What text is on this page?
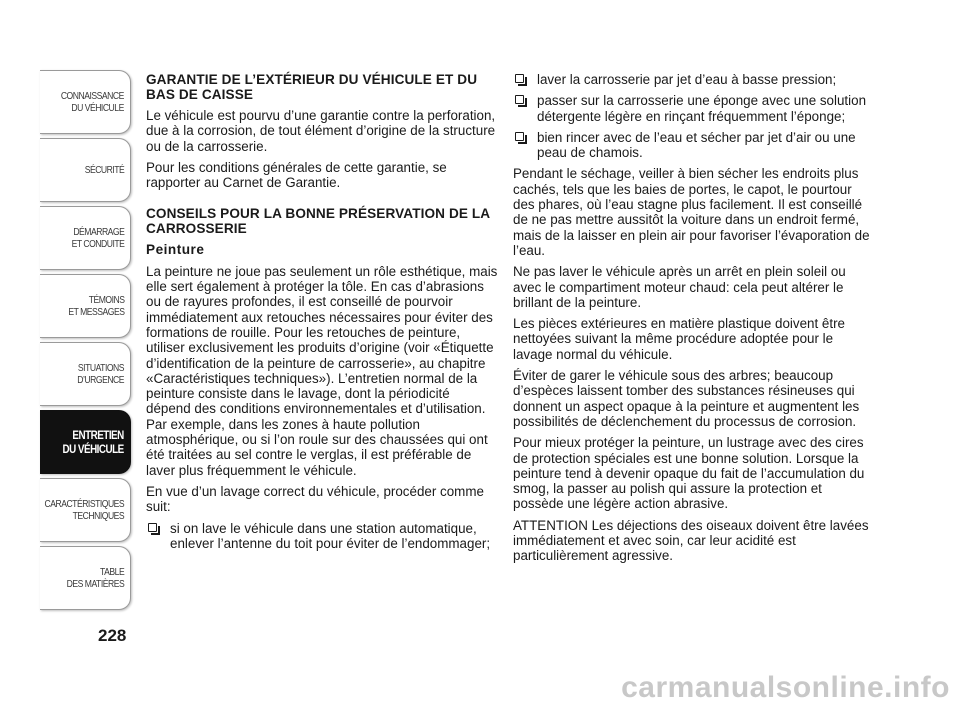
CONNAISSANCE
DU VÉHICULE
SÉCURITÉ
DÉMARRAGE
ET CONDUITE
TÉMOINS
ET MESSAGES
SITUATIONS
D’URGENCE
ENTRETIEN
DU VÉHICULE
CARACTÉRISTIQUES
TECHNIQUES
TABLE
DES MATIÈRES
228
GARANTIE DE L’EXTÉRIEUR DU VÉHICULE ET DU BAS DE CAISSE

Le véhicule est pourvu d’une garantie contre la perforation, due à la corrosion, de tout élément d’origine de la structure ou de la carrosserie.

Pour les conditions générales de cette garantie, se rapporter au Carnet de Garantie.

CONSEILS POUR LA BONNE PRÉSERVATION DE LA CARROSSERIE
Peinture

La peinture ne joue pas seulement un rôle esthétique, mais elle sert également à protéger la tôle. En cas d’abrasions ou de rayures profondes, il est conseillé de pourvoir immédiatement aux retouches nécessaires pour éviter des formations de rouille. Pour les retouches de peinture, utiliser exclusivement les produits d’origine (voir «Étiquette d’identification de la peinture de carrosserie», au chapitre «Caractéristiques techniques»). L’entretien normal de la peinture consiste dans le lavage, dont la périodicité dépend des conditions environnementales et d’utilisation. Par exemple, dans les zones à haute pollution atmosphérique, ou si l’on roule sur des chaussées qui ont été traitées au sel contre le verglas, il est préférable de laver plus fréquemment le véhicule.

En vue d’un lavage correct du véhicule, procéder comme suit:

si on lave le véhicule dans une station automatique, enlever l’antenne du toit pour éviter de l’endommager;
laver la carrosserie par jet d’eau à basse pression;
passer sur la carrosserie une éponge avec une solution détergente légère en rinçant fréquemment l’éponge;
bien rincer avec de l’eau et sécher par jet d’air ou une peau de chamois.

Pendant le séchage, veiller à bien sécher les endroits plus cachés, tels que les baies de portes, le capot, le pourtour des phares, où l’eau stagne plus facilement. Il est conseillé de ne pas mettre aussitôt la voiture dans un endroit fermé, mais de la laisser en plein air pour favoriser l’évaporation de l’eau.

Ne pas laver le véhicule après un arrêt en plein soleil ou avec le compartiment moteur chaud: cela peut altérer le brillant de la peinture.

Les pièces extérieures en matière plastique doivent être nettoyées suivant la même procédure adoptée pour le lavage normal du véhicule.

Éviter de garer le véhicule sous des arbres; beaucoup d’espèces laissent tomber des substances résineuses qui donnent un aspect opaque à la peinture et augmentent les possibilités de déclenchement du processus de corrosion.

Pour mieux protéger la peinture, un lustrage avec des cires de protection spéciales est une bonne solution. Lorsque la peinture tend à devenir opaque du fait de l’accumulation du smog, la passer au polish qui assure la protection et possède une légère action abrasive.

ATTENTION Les déjections des oiseaux doivent être lavées immédiatement et avec soin, car leur acidité est particulièrement agressive.

carmanualsonline.info
